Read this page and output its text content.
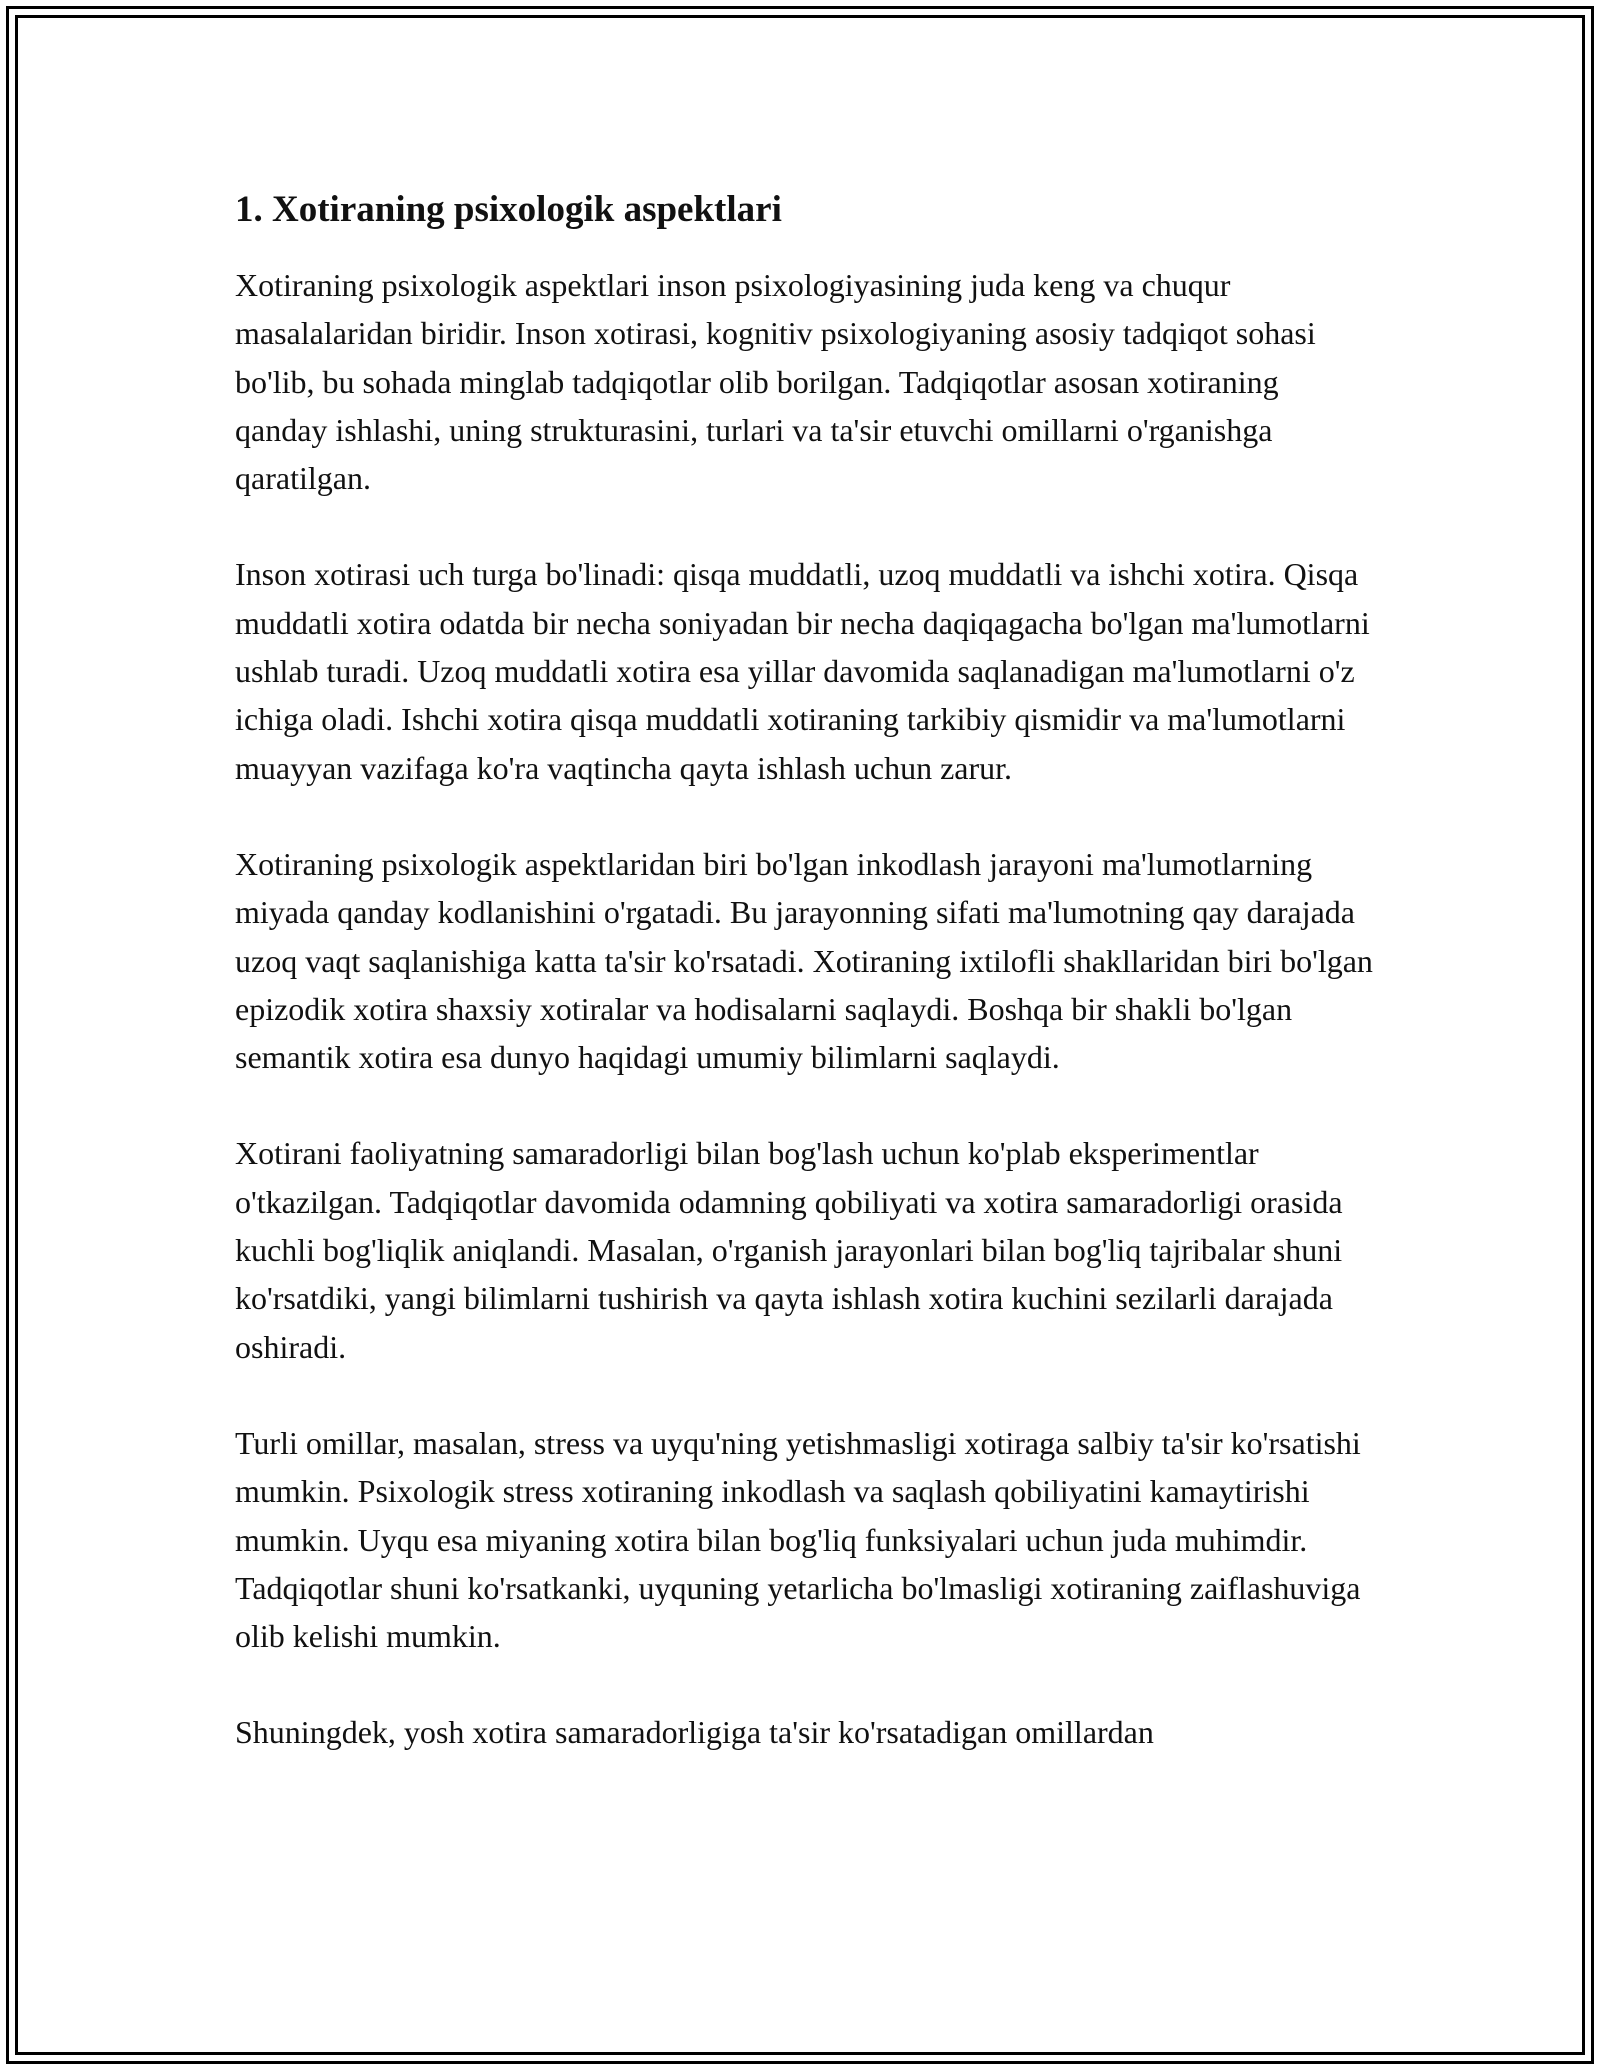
1. Xotiraning psixologik aspektlari

Xotiraning psixologik aspektlari inson psixologiyasining juda keng va chuqur masalalaridan biridir. Inson xotirasi, kognitiv psixologiyaning asosiy tadqiqot sohasi bo'lib, bu sohada minglab tadqiqotlar olib borilgan. Tadqiqotlar asosan xotiraning qanday ishlashi, uning strukturasini, turlari va ta'sir etuvchi omillarni o'rganishga qaratilgan.

Inson xotirasi uch turga bo'linadi: qisqa muddatli, uzoq muddatli va ishchi xotira. Qisqa muddatli xotira odatda bir necha soniyadan bir necha daqiqagacha bo'lgan ma'lumotlarni ushlab turadi. Uzoq muddatli xotira esa yillar davomida saqlanadigan ma'lumotlarni o'z ichiga oladi. Ishchi xotira qisqa muddatli xotiraning tarkibiy qismidir va ma'lumotlarni muayyan vazifaga ko'ra vaqtincha qayta ishlash uchun zarur.

Xotiraning psixologik aspektlaridan biri bo'lgan inkodlash jarayoni ma'lumotlarning miyada qanday kodlanishini o'rgatadi. Bu jarayonning sifati ma'lumotning qay darajada uzoq vaqt saqlanishiga katta ta'sir ko'rsatadi. Xotiraning ixtilofli shakllaridan biri bo'lgan epizodik xotira shaxsiy xotiralar va hodisalarni saqlaydi. Boshqa bir shakli bo'lgan semantik xotira esa dunyo haqidagi umumiy bilimlarni saqlaydi.

Xotirani faoliyatning samaradorligi bilan bog'lash uchun ko'plab eksperimentlar o'tkazilgan. Tadqiqotlar davomida odamning qobiliyati va xotira samaradorligi orasida kuchli bog'liqlik aniqlandi. Masalan, o'rganish jarayonlari bilan bog'liq tajribalar shuni ko'rsatdiki, yangi bilimlarni tushirish va qayta ishlash xotira kuchini sezilarli darajada oshiradi.

Turli omillar, masalan, stress va uyqu'ning yetishmasligi xotiraga salbiy ta'sir ko'rsatishi mumkin. Psixologik stress xotiraning inkodlash va saqlash qobiliyatini kamaytirishi mumkin. Uyqu esa miyaning xotira bilan bog'liq funksiyalari uchun juda muhimdir. Tadqiqotlar shuni ko'rsatkanki, uyquning yetarlicha bo'lmasligi xotiraning zaiflashuviga olib kelishi mumkin.

Shuningdek, yosh xotira samaradorligiga ta'sir ko'rsatadigan omillardan
